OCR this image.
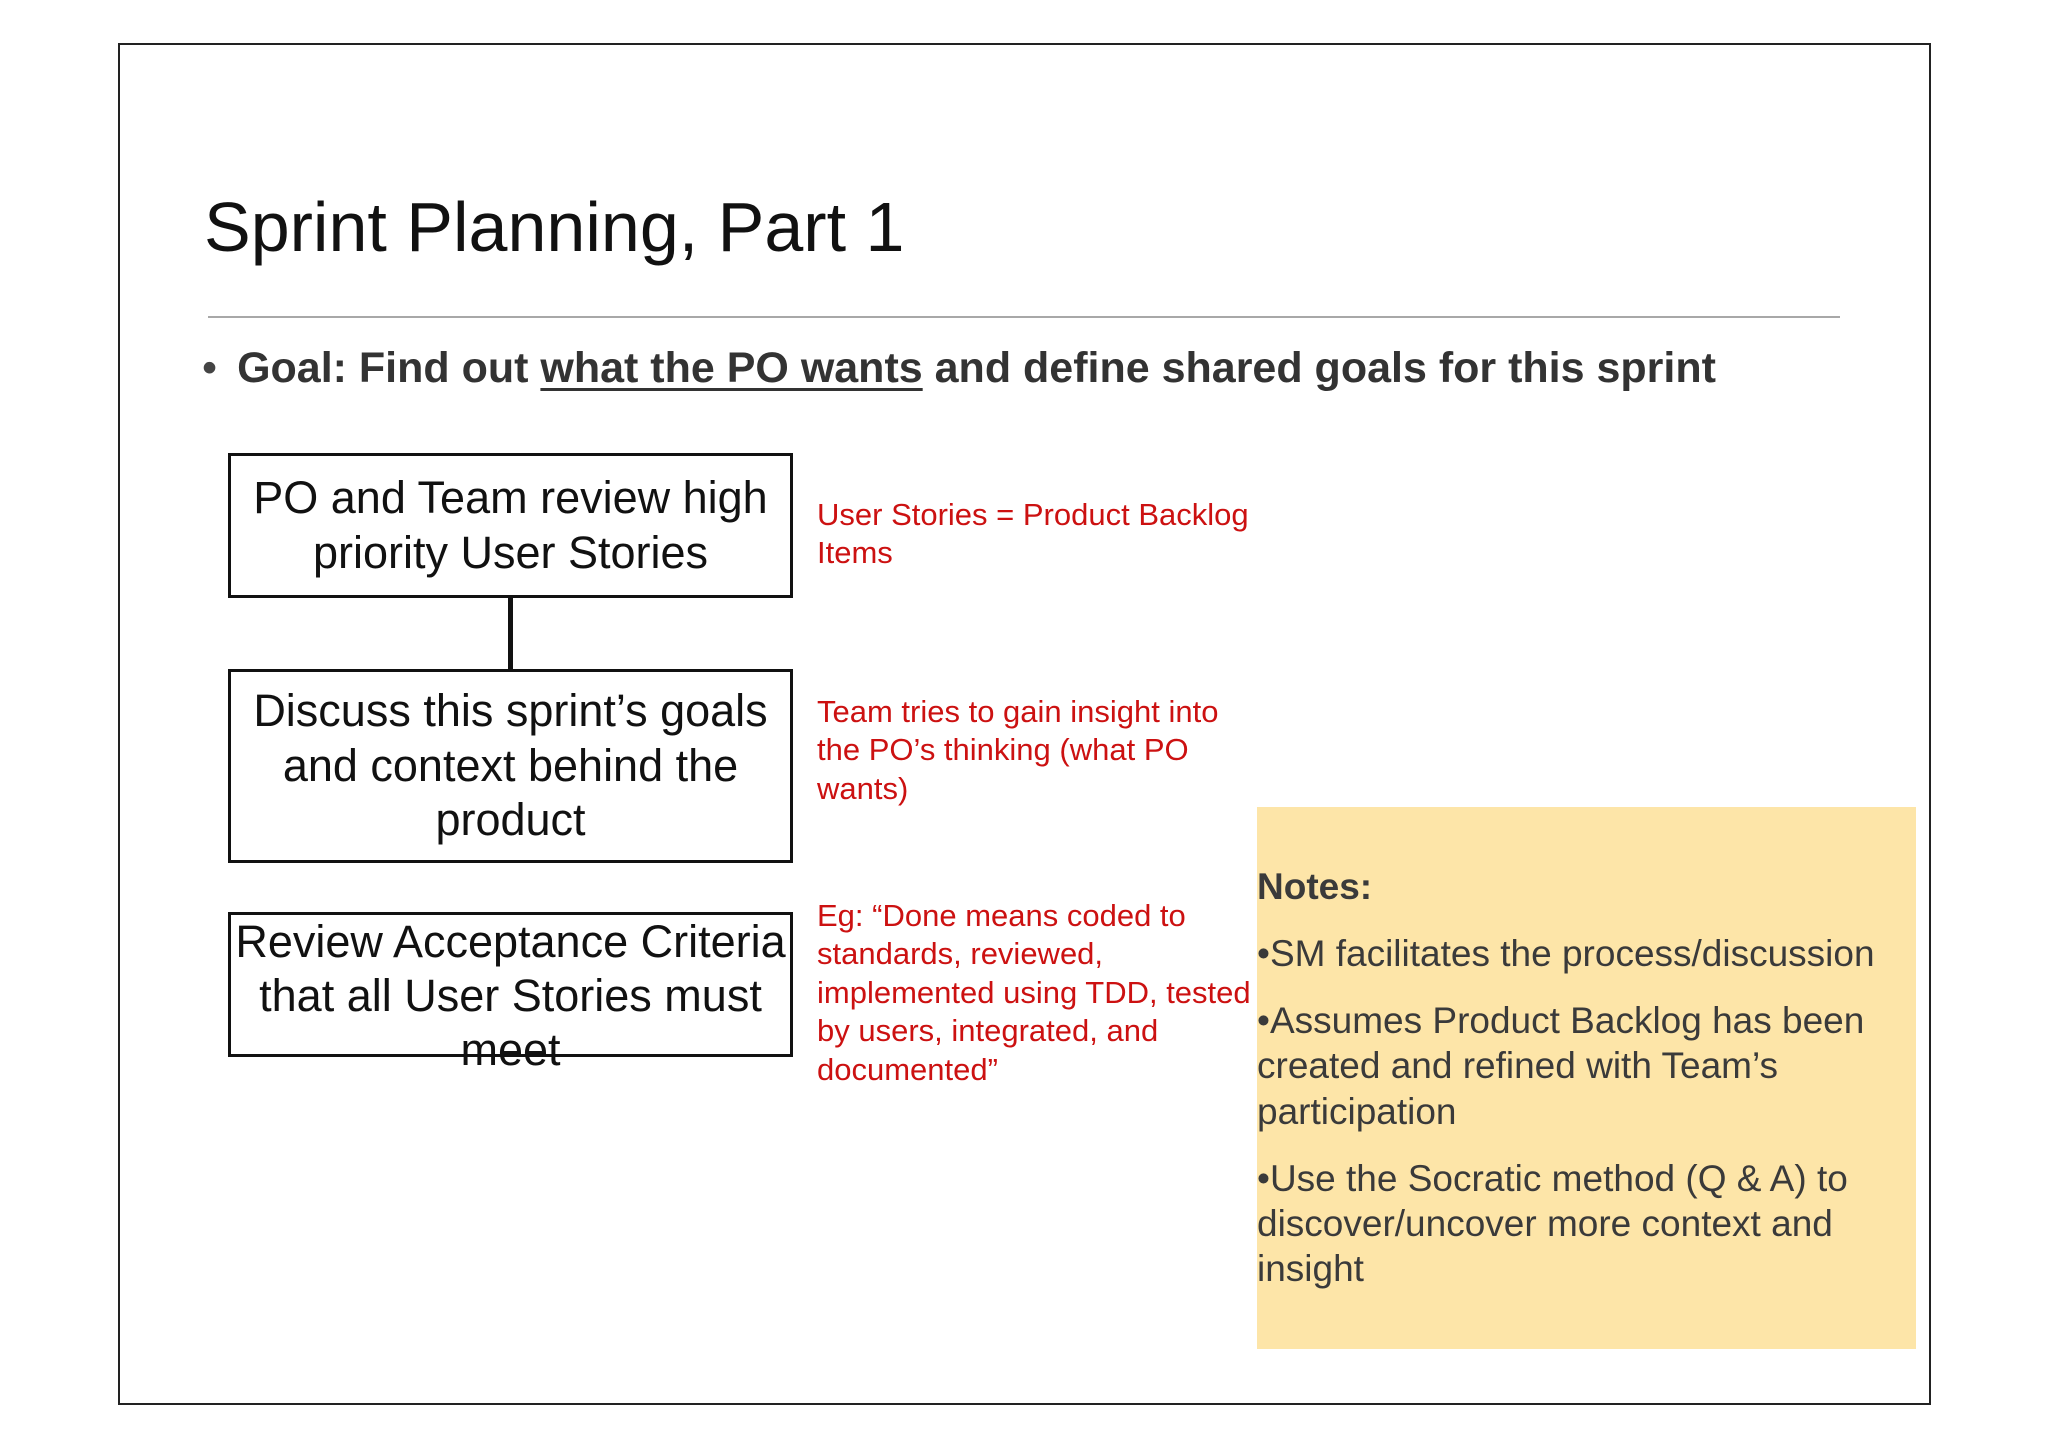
Sprint Planning, Part 1
• Goal: Find out what the PO wants and define shared goals for this sprint
PO and Team review high priority User Stories
Discuss this sprint’s goals and context behind the product
Review Acceptance Criteria that all User Stories must meet
User Stories = Product Backlog Items
Team tries to gain insight into the PO’s thinking (what PO wants)
Eg: “Done means coded to standards, reviewed, implemented using TDD, tested by users, integrated, and documented”
Notes:

•SM facilitates the process/discussion

•Assumes Product Backlog has been created and refined with Team’s participation

•Use the Socratic method (Q & A) to discover/uncover more context and insight
